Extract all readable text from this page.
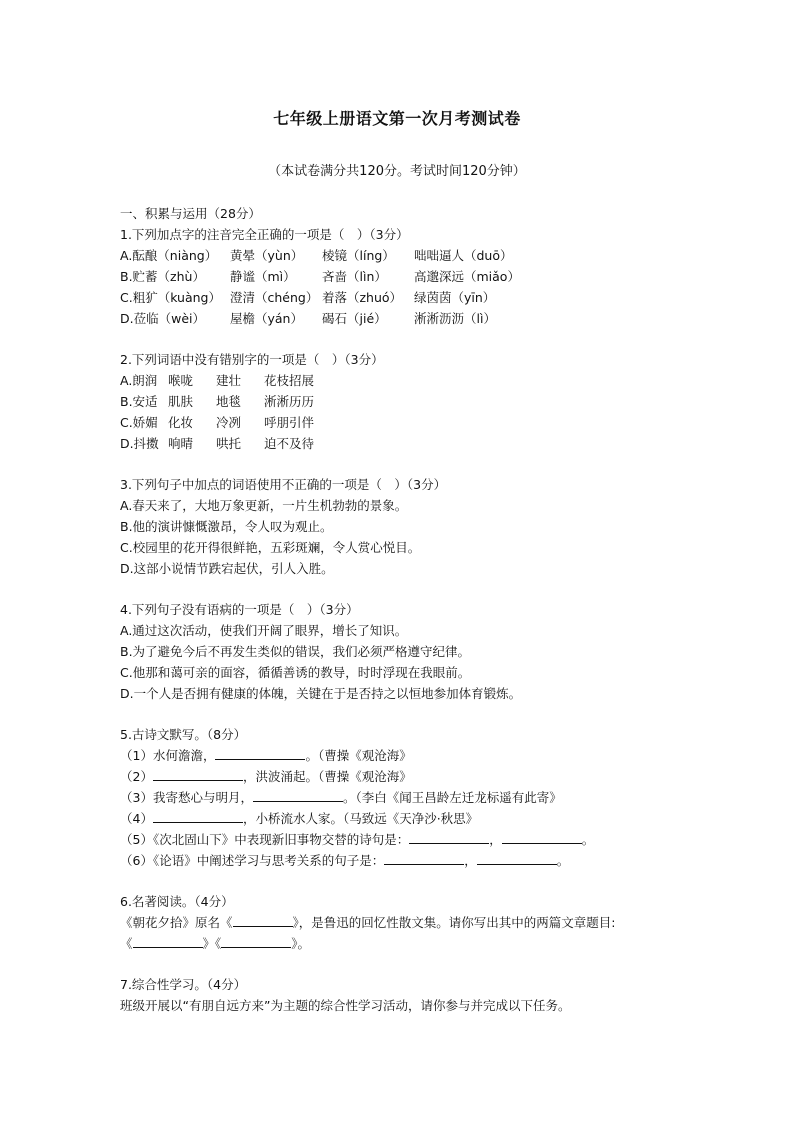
七年级上册语文第一次月考测试卷
（本试卷满分共120分。考试时间120分钟）
一、积累与运用（28分）
1.下列加点字的注音完全正确的一项是（　）（3分）
A.酝酿（niàng） 黄晕（yùn） 棱镜（líng） 咄咄逼人（duō）
B.贮蓄（zhù） 静谧（mì） 吝啬（lìn） 高邈深远（miǎo）
C.粗犷（kuàng） 澄清（chéng） 着落（zhuó） 绿茵茵（yīn）
D.莅临（wèi） 屋檐（yán） 碣石（jié） 淅淅沥沥（lì）
2.下列词语中没有错别字的一项是（　）（3分）
A.朗润 喉咙 建壮 花枝招展
B.安适 肌肤 地毯 淅淅历历
C.娇媚 化妆 冷冽 呼朋引伴
D.抖擞 响晴 哄托 迫不及待
3.下列句子中加点的词语使用不正确的一项是（　）（3分）
A.春天来了，大地万象更新，一片生机勃勃的景象。
B.他的演讲慷慨激昂，令人叹为观止。
C.校园里的花开得很鲜艳，五彩斑斓，令人赏心悦目。
D.这部小说情节跌宕起伏，引人入胜。
4.下列句子没有语病的一项是（　）（3分）
A.通过这次活动，使我们开阔了眼界，增长了知识。
B.为了避免今后不再发生类似的错误，我们必须严格遵守纪律。
C.他那和蔼可亲的面容，循循善诱的教导，时时浮现在我眼前。
D.一个人是否拥有健康的体魄，关键在于是否持之以恒地参加体育锻炼。
5.古诗文默写。（8分）
（1）水何澹澹，	。（曹操《观沧海》
（2）	，洪波涌起。（曹操《观沧海》
（3）我寄愁心与明月，	。（李白《闻王昌龄左迁龙标遥有此寄》
（4）	，小桥流水人家。（马致远《天净沙·秋思》
（5）《次北固山下》中表现新旧事物交替的诗句是：	，	。
（6）《论语》中阐述学习与思考关系的句子是：	，	。
6.名著阅读。（4分）
《朝花夕拾》原名《	》，是鲁迅的回忆性散文集。请你写出其中的两篇文章题目:
《	》《	》。
7.综合性学习。（4分）
班级开展以“有朋自远方来”为主题的综合性学习活动，请你参与并完成以下任务。
